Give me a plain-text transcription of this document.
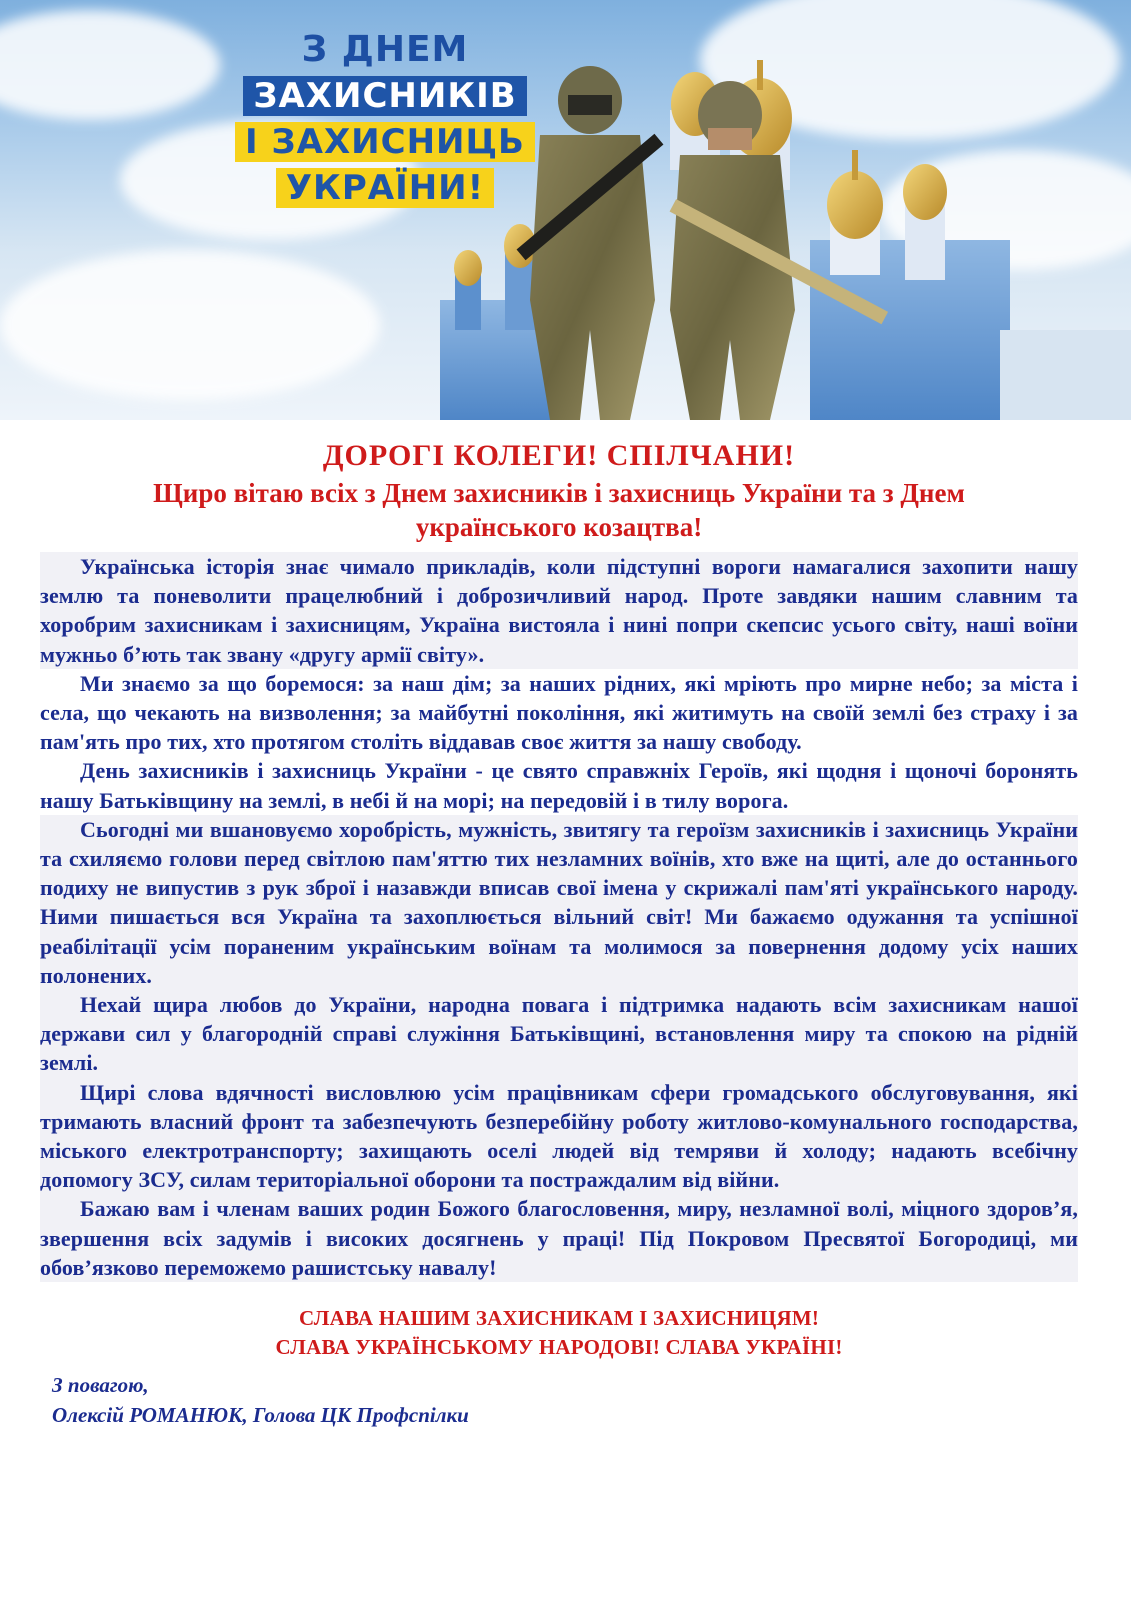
З ДНЕМ
ЗАХИСНИКІВ
І ЗАХИСНИЦЬ
УКРАЇНИ!
ДОРОГІ КОЛЕГИ! СПІЛЧАНИ!
Щиро вітаю всіх з Днем захисників і захисниць України та з Днем українського козацтва!

Українська історія знає чимало прикладів, коли підступні вороги намагалися захопити нашу землю та поневолити працелюбний і доброзичливий народ. Проте завдяки нашим славним та хоробрим захисникам і захисницям, Україна вистояла і нині попри скепсис усього світу, наші воїни мужньо б’ють так звану «другу армії світу».

Ми знаємо за що боремося: за наш дім; за наших рідних, які мріють про мирне небо; за міста і села, що чекають на визволення; за майбутні покоління, які житимуть на своїй землі без страху і за пам'ять про тих, хто протягом століть віддавав своє життя за нашу свободу.

День захисників і захисниць України - це свято справжніх Героїв, які щодня і щоночі боронять нашу Батьківщину на землі, в небі й на морі; на передовій і в тилу ворога.

Сьогодні ми вшановуємо хоробрість, мужність, звитягу та героїзм захисників і захисниць України та схиляємо голови перед світлою пам'яттю тих незламних воїнів, хто вже на щиті, але до останнього подиху не випустив з рук зброї і назавжди вписав свої імена у скрижалі пам'яті українського народу. Ними пишається вся Україна та захоплюється вільний світ! Ми бажаємо одужання та успішної реабілітації усім пораненим українським воїнам та молимося за повернення додому усіх наших полонених.

Нехай щира любов до України, народна повага і підтримка надають всім захисникам нашої держави сил у благородній справі служіння Батьківщині, встановлення миру та спокою на рідній землі.

Щирі слова вдячності висловлюю усім працівникам сфери громадського обслуговування, які тримають власний фронт та забезпечують безперебійну роботу житлово-комунального господарства, міського електротранспорту; захищають оселі людей від темряви й холоду; надають всебічну допомогу ЗСУ, силам територіальної оборони та постраждалим від війни.

Бажаю вам і членам ваших родин Божого благословення, миру, незламної волі, міцного здоров’я, звершення всіх задумів і високих досягнень у праці! Під Покровом Пресвятої Богородиці, ми обов’язково переможемо рашистську навалу!

СЛАВА НАШИМ ЗАХИСНИКАМ І ЗАХИСНИЦЯМ!
СЛАВА УКРАЇНСЬКОМУ НАРОДОВІ! СЛАВА УКРАЇНІ!
З повагою,
Олексій РОМАНЮК, Голова ЦК Профспілки
